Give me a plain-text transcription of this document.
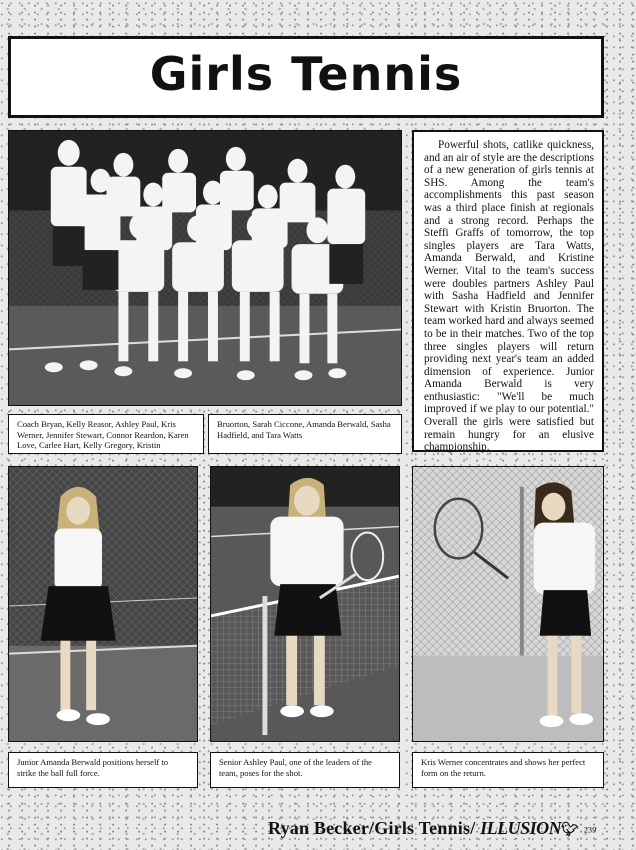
Girls Tennis
Coach Bryan, Kelly Reasor, Ashley Paul, Kris Werner, Jennifer Stewart, Connor Reardon, Karen Love, Carlee Hart, Kelly Gregory, Kristin
Bruorton, Sarah Ciccone, Amanda Berwald, Sasha Hadfield, and Tara Watts
Powerful shots, catlike quickness, and an air of style are the descriptions of a new generation of girls tennis at SHS. Among the team's accomplishments this past season was a third place finish at regionals and a strong record. Perhaps the Steffi Graffs of tomorrow, the top singles players are Tara Watts, Amanda Berwald, and Kristine Werner. Vital to the team's success were doubles partners Ashley Paul with Sasha Hadfield and Jennifer Stewart with Kristin Bruorton. The team worked hard and always seemed to be in their matches. Two of the top three singles players will return providing next year's team an added dimension of experience. Junior Amanda Berwald is very enthusiastic: "We'll be much improved if we play to our potential." Overall the girls were satisfied but remain hungry for an elusive championship.
Junior Amanda Berwald positions herself to strike the ball full force.
Senior Ashley Paul, one of the leaders of the team, poses for the shot.
Kris Werner concentrates and shows her perfect form on the return.
Ryan Becker/Girls Tennis/ ILLUSION🐦︎ 239
